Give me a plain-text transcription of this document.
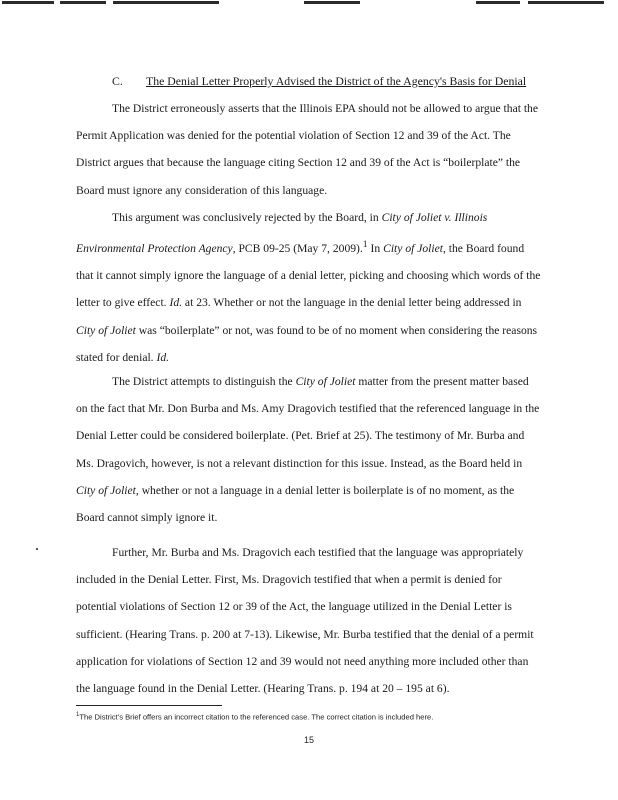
C. The Denial Letter Properly Advised the District of the Agency's Basis for Denial

The District erroneously asserts that the Illinois EPA should not be allowed to argue that the Permit Application was denied for the potential violation of Section 12 and 39 of the Act. The District argues that because the language citing Section 12 and 39 of the Act is “boilerplate” the Board must ignore any consideration of this language.

This argument was conclusively rejected by the Board, in City of Joliet v. Illinois Environmental Protection Agency, PCB 09-25 (May 7, 2009).$^1$ In City of Joliet, the Board found that it cannot simply ignore the language of a denial letter, picking and choosing which words of the letter to give effect. Id. at 23. Whether or not the language in the denial letter being addressed in City of Joliet was “boilerplate” or not, was found to be of no moment when considering the reasons stated for denial. Id.

The District attempts to distinguish the City of Joliet matter from the present matter based on the fact that Mr. Don Burba and Ms. Amy Dragovich testified that the referenced language in the Denial Letter could be considered boilerplate. (Pet. Brief at 25). The testimony of Mr. Burba and Ms. Dragovich, however, is not a relevant distinction for this issue. Instead, as the Board held in City of Joliet, whether or not a language in a denial letter is boilerplate is of no moment, as the Board cannot simply ignore it.

Further, Mr. Burba and Ms. Dragovich each testified that the language was appropriately included in the Denial Letter. First, Ms. Dragovich testified that when a permit is denied for potential violations of Section 12 or 39 of the Act, the language utilized in the Denial Letter is sufficient. (Hearing Trans. p. 200 at 7-13). Likewise, Mr. Burba testified that the denial of a permit application for violations of Section 12 and 39 would not need anything more included other than the language found in the Denial Letter. (Hearing Trans. p. 194 at 20 – 195 at 6).

$^1$The District's Brief offers an incorrect citation to the referenced case. The correct citation is included here.
15
